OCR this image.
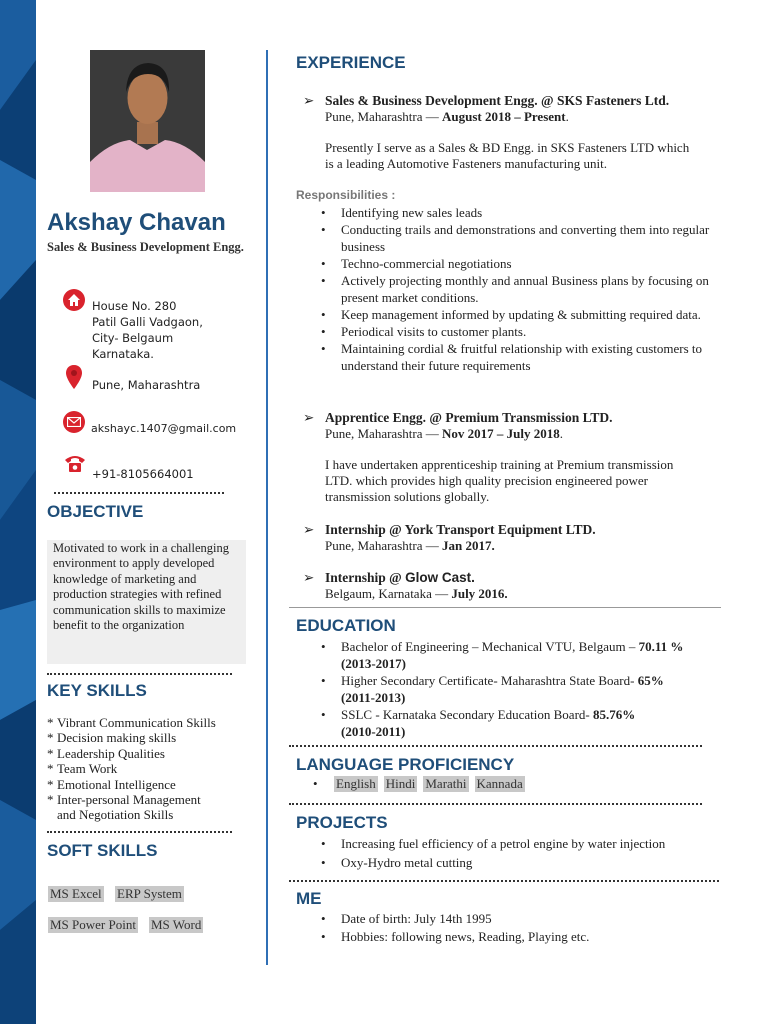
Akshay Chavan
Sales & Business Development Engg.
House No. 280
Patil Galli Vadgaon,
City- Belgaum
Karnataka.
Pune, Maharashtra
akshayc.1407@gmail.com
+91-8105664001
OBJECTIVE
Motivated to work in a challenging environment to apply developed knowledge of marketing and production strategies with refined communication skills to maximize benefit to the organization
KEY SKILLS
* Vibrant Communication Skills
* Decision making skills
* Leadership Qualities
* Team Work
* Emotional Intelligence
* Inter-personal Management and Negotiation Skills
SOFT SKILLS
MS Excel ERP System
MS Power Point MS Word
EXPERIENCE
➢ Sales & Business Development Engg. @ SKS Fasteners Ltd.
Pune, Maharashtra — August 2018 – Present.
Presently I serve as a Sales & BD Engg. in SKS Fasteners LTD which is a leading Automotive Fasteners manufacturing unit.
Responsibilities :
•	Identifying new sales leads
•	Conducting trails and demonstrations and converting them into regular business
•	Techno-commercial negotiations
•	Actively projecting monthly and annual Business plans by focusing on present market conditions.
•	Keep management informed by updating & submitting required data.
•	Periodical visits to customer plants.
•	Maintaining cordial & fruitful relationship with existing customers to understand their future requirements
➢ Apprentice Engg. @ Premium Transmission LTD.
Pune, Maharashtra — Nov 2017 – July 2018.
I have undertaken apprenticeship training at Premium transmission LTD. which provides high quality precision engineered power transmission solutions globally.
➢ Internship @ York Transport Equipment LTD.
Pune, Maharashtra — Jan 2017.
➢ Internship @ Glow Cast.
Belgaum, Karnataka — July 2016.
EDUCATION
•	Bachelor of Engineering – Mechanical VTU, Belgaum – 70.11 %
(2013-2017)
•	Higher Secondary Certificate- Maharashtra State Board- 65%
(2011-2013)
•	SSLC - Karnataka Secondary Education Board- 85.76%
(2010-2011)
LANGUAGE PROFICIENCY
•	English Hindi Marathi Kannada
PROJECTS
•	Increasing fuel efficiency of a petrol engine by water injection
•	Oxy-Hydro metal cutting
ME
•	Date of birth: July 14th 1995
•	Hobbies: following news, Reading, Playing etc.
